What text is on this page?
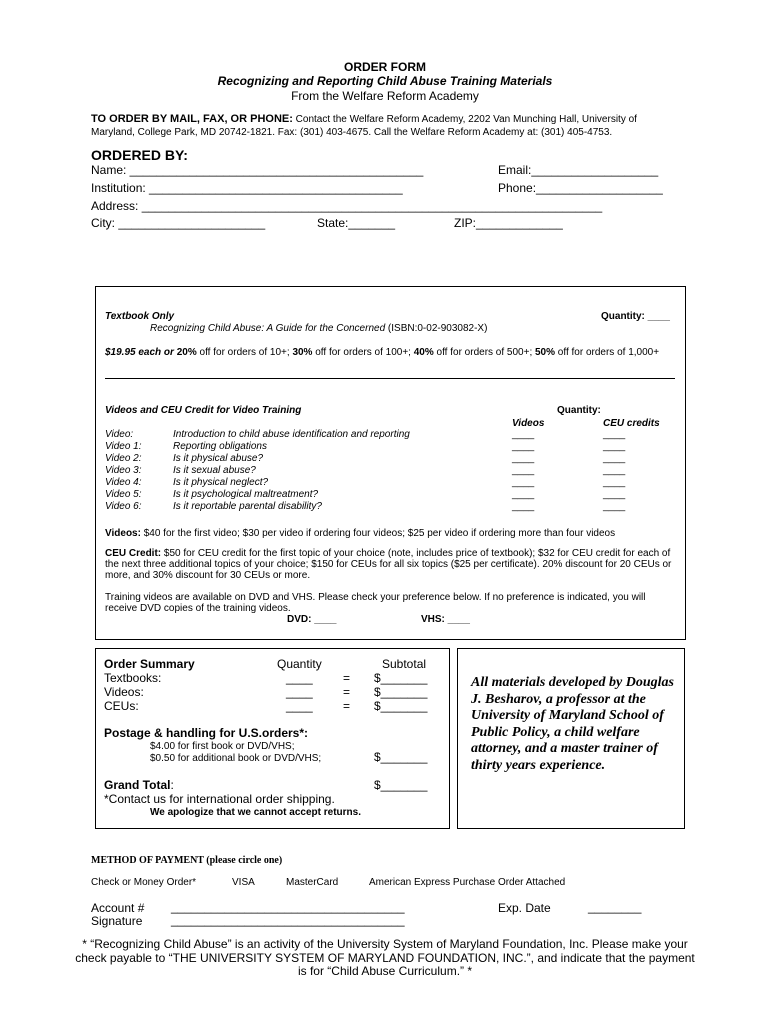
ORDER FORM
Recognizing and Reporting Child Abuse Training Materials
From the Welfare Reform Academy
TO ORDER BY MAIL, FAX, OR PHONE: Contact the Welfare Reform Academy, 2202 Van Munching Hall, University of
Maryland, College Park, MD 20742-1821. Fax: (301) 403-4675. Call the Welfare Reform Academy at: (301) 405-4753.
ORDERED BY:
Name: ____________________________________________	Email:___________________
Institution: ______________________________________	Phone:___________________
Address: _____________________________________________________________________
City: ______________________	State:_______	ZIP:_____________
Textbook Only	Quantity: ____
Recognizing Child Abuse: A Guide for the Concerned (ISBN:0-02-903082-X)
$19.95 each or 20% off for orders of 10+; 30% off for orders of 100+; 40% off for orders of 500+; 50% off for orders of 1,000+
Videos and CEU Credit for Video Training	Quantity:
Videos	CEU credits
Video:	Introduction to child abuse identification and reporting	____	____
Video 1:	Reporting obligations	____	____
Video 2:	Is it physical abuse?	____	____
Video 3:	Is it sexual abuse?	____	____
Video 4:	Is it physical neglect?	____	____
Video 5:	Is it psychological maltreatment?	____	____
Video 6:	Is it reportable parental disability?	____	____
Videos: $40 for the first video; $30 per video if ordering four videos; $25 per video if ordering more than four videos
CEU Credit: $50 for CEU credit for the first topic of your choice (note, includes price of textbook); $32 for CEU credit for each of
the next three additional topics of your choice; $150 for CEUs for all six topics ($25 per certificate). 20% discount for 20 CEUs or
more, and 30% discount for 30 CEUs or more.
Training videos are available on DVD and VHS. Please check your preference below. If no preference is indicated, you will
receive DVD copies of the training videos.
DVD: ____	VHS: ____
Order Summary	Quantity	Subtotal
Textbooks:	____	= $_______
Videos:	____	= $_______
CEUs:	____	= $_______
Postage & handling for U.S.orders*:
$4.00 for first book or DVD/VHS;
$0.50 for additional book or DVD/VHS;	$_______
Grand Total:	$_______
*Contact us for international order shipping.
We apologize that we cannot accept returns.
All materials developed by Douglas
J. Besharov, a professor at the
University of Maryland School of
Public Policy, a child welfare
attorney, and a master trainer of
thirty years experience.
METHOD OF PAYMENT (please circle one)
Check or Money Order*	VISA	MasterCard	American Express Purchase Order Attached
Account # ___________________________________	Exp. Date	________
Signature ___________________________________
* “Recognizing Child Abuse” is an activity of the University System of Maryland Foundation, Inc. Please make your
check payable to “THE UNIVERSITY SYSTEM OF MARYLAND FOUNDATION, INC.”, and indicate that the payment
is for “Child Abuse Curriculum.” *
